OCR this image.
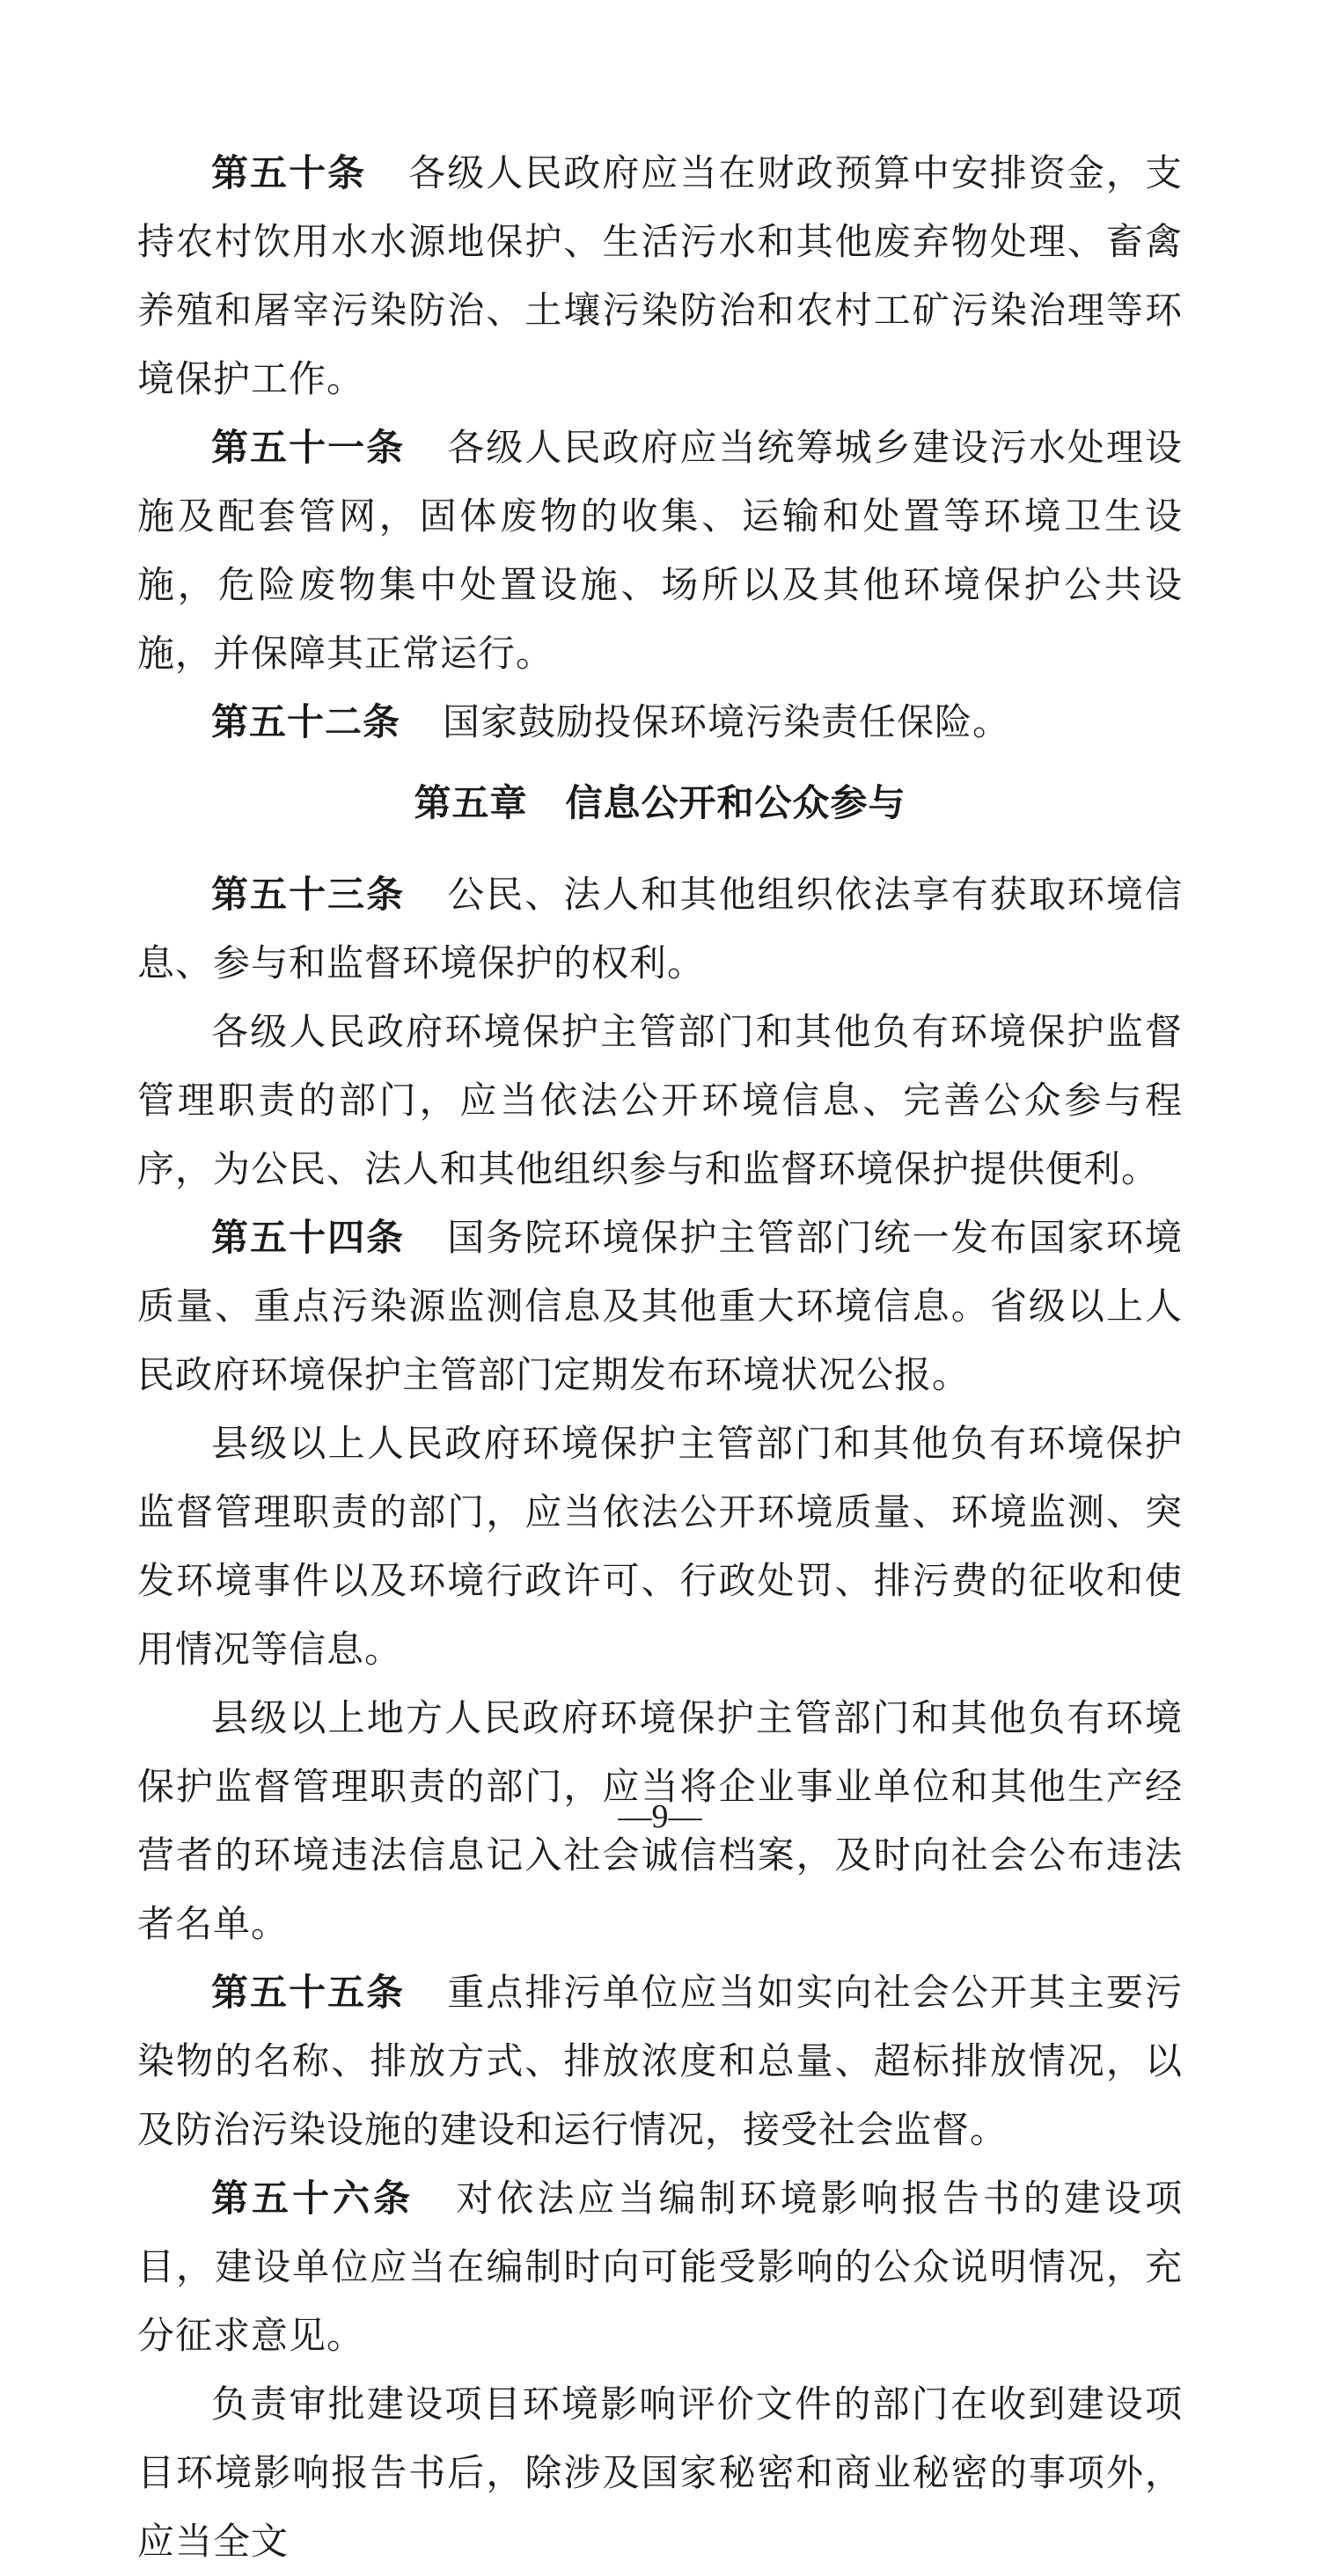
第五十条 各级人民政府应当在财政预算中安排资金，支持农村饮用水水源地保护、生活污水和其他废弃物处理、畜禽养殖和屠宰污染防治、土壤污染防治和农村工矿污染治理等环境保护工作。

第五十一条 各级人民政府应当统筹城乡建设污水处理设施及配套管网，固体废物的收集、运输和处置等环境卫生设施，危险废物集中处置设施、场所以及其他环境保护公共设施，并保障其正常运行。

第五十二条 国家鼓励投保环境污染责任保险。

第五章　信息公开和公众参与

第五十三条 公民、法人和其他组织依法享有获取环境信息、参与和监督环境保护的权利。

各级人民政府环境保护主管部门和其他负有环境保护监督管理职责的部门，应当依法公开环境信息、完善公众参与程序，为公民、法人和其他组织参与和监督环境保护提供便利。

第五十四条 国务院环境保护主管部门统一发布国家环境质量、重点污染源监测信息及其他重大环境信息。省级以上人民政府环境保护主管部门定期发布环境状况公报。

县级以上人民政府环境保护主管部门和其他负有环境保护监督管理职责的部门，应当依法公开环境质量、环境监测、突发环境事件以及环境行政许可、行政处罚、排污费的征收和使用情况等信息。

县级以上地方人民政府环境保护主管部门和其他负有环境保护监督管理职责的部门，应当将企业事业单位和其他生产经营者的环境违法信息记入社会诚信档案，及时向社会公布违法者名单。

第五十五条 重点排污单位应当如实向社会公开其主要污染物的名称、排放方式、排放浓度和总量、超标排放情况，以及防治污染设施的建设和运行情况，接受社会监督。

第五十六条 对依法应当编制环境影响报告书的建设项目，建设单位应当在编制时向可能受影响的公众说明情况，充分征求意见。

负责审批建设项目环境影响评价文件的部门在收到建设项目环境影响报告书后，除涉及国家秘密和商业秘密的事项外，应当全文

—9—
